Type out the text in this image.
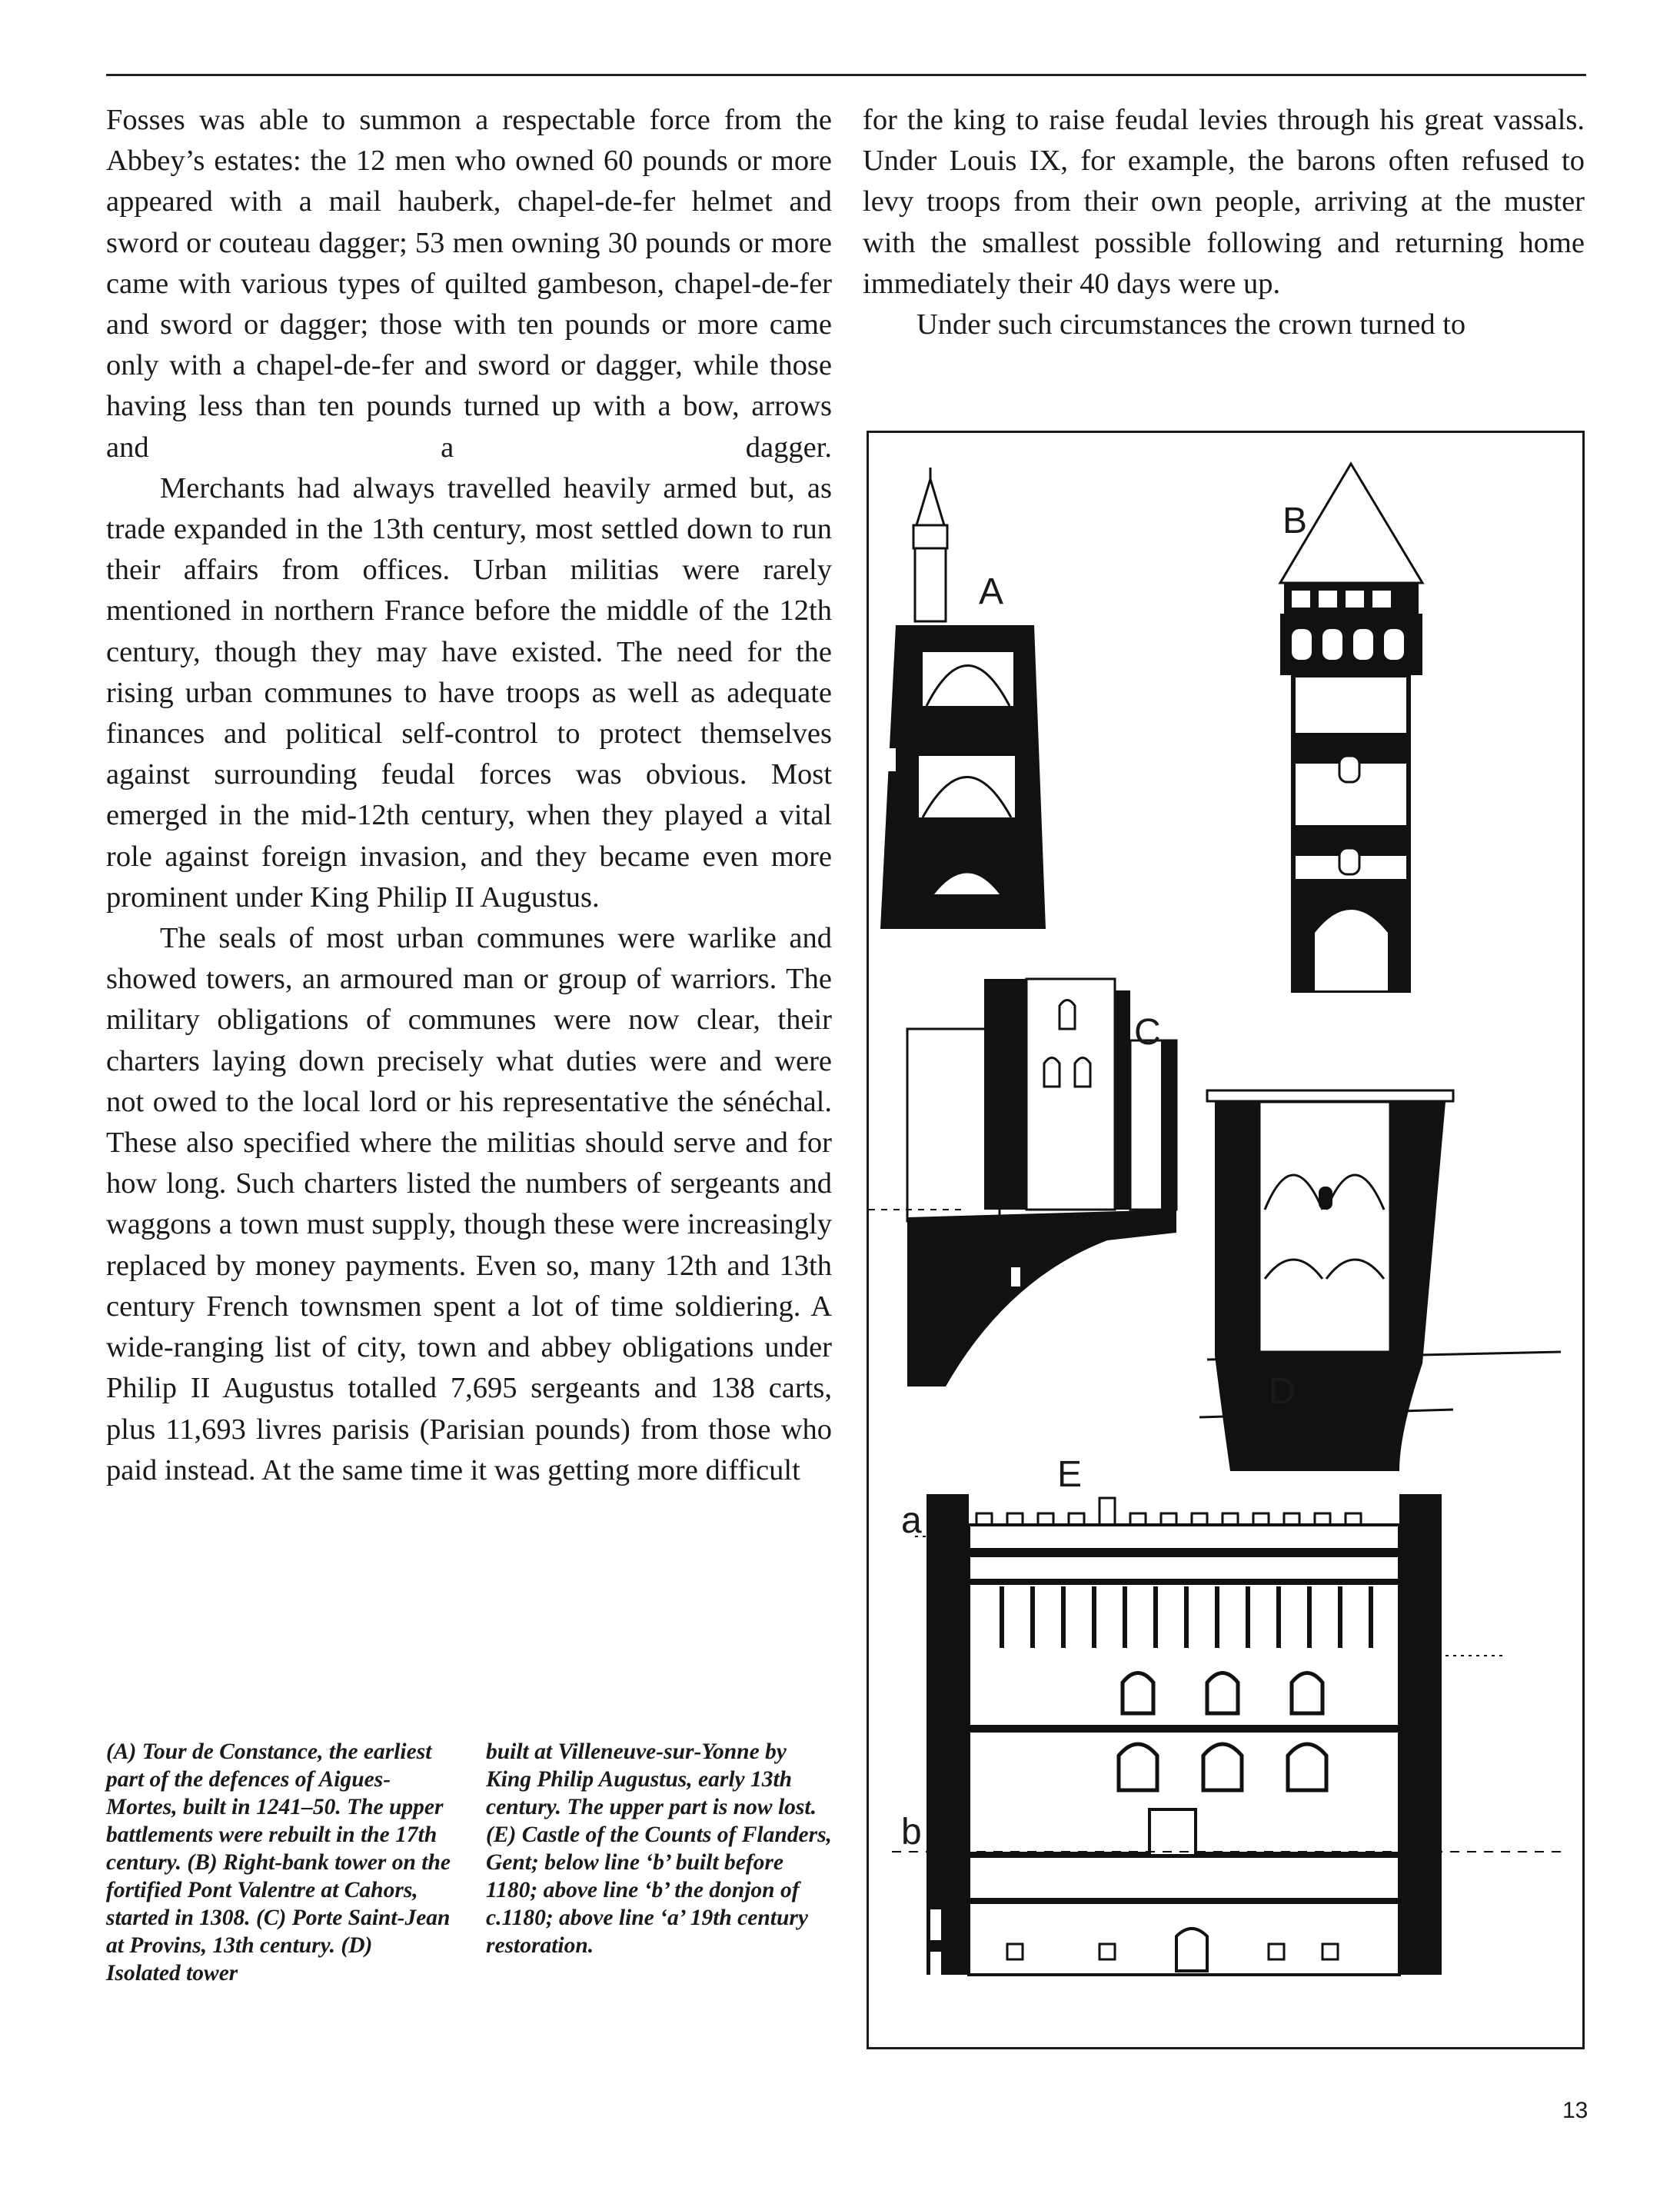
Fosses was able to summon a respectable force from the Abbey’s estates: the 12 men who owned 60 pounds or more appeared with a mail hauberk, chapel-de-fer helmet and sword or couteau dagger; 53 men owning 30 pounds or more came with various types of quilted gambeson, chapel-de-fer and sword or dagger; those with ten pounds or more came only with a chapel-de-fer and sword or dagger, while those having less than ten pounds turned up with a bow, arrows and a dagger.

Merchants had always travelled heavily armed but, as trade expanded in the 13th century, most settled down to run their affairs from offices. Urban militias were rarely mentioned in northern France before the middle of the 12th century, though they may have existed. The need for the rising urban communes to have troops as well as adequate finances and political self-control to protect themselves against surrounding feudal forces was obvious. Most emerged in the mid-12th century, when they played a vital role against foreign invasion, and they became even more prominent under King Philip II Augustus.

The seals of most urban communes were warlike and showed towers, an armoured man or group of warriors. The military obligations of communes were now clear, their charters laying down precisely what duties were and were not owed to the local lord or his representative the sénéchal. These also specified where the militias should serve and for how long. Such charters listed the numbers of sergeants and waggons a town must supply, though these were increasingly replaced by money payments. Even so, many 12th and 13th century French townsmen spent a lot of time soldiering. A wide-ranging list of city, town and abbey obligations under Philip II Augustus totalled 7,695 sergeants and 138 carts, plus 11,693 livres parisis (Parisian pounds) from those who paid instead. At the same time it was getting more difficult

for the king to raise feudal levies through his great vassals. Under Louis IX, for example, the barons often refused to levy troops from their own people, arriving at the muster with the smallest possible following and returning home immediately their 40 days were up.

Under such circumstances the crown turned to

(A) Tour de Constance, the earliest part of the defences of Aigues-Mortes, built in 1241–50. The upper battlements were rebuilt in the 17th century. (B) Right-bank tower on the fortified Pont Valentre at Cahors, started in 1308. (C) Porte Saint-Jean at Provins, 13th century. (D) Isolated tower

built at Villeneuve-sur-Yonne by King Philip Augustus, early 13th century. The upper part is now lost. (E) Castle of the Counts of Flanders, Gent; below line ‘b’ built before 1180; above line ‘b’ the donjon of c.1180; above line ‘a’ 19th century restoration.

A
B
C
D
E
a
b
13
